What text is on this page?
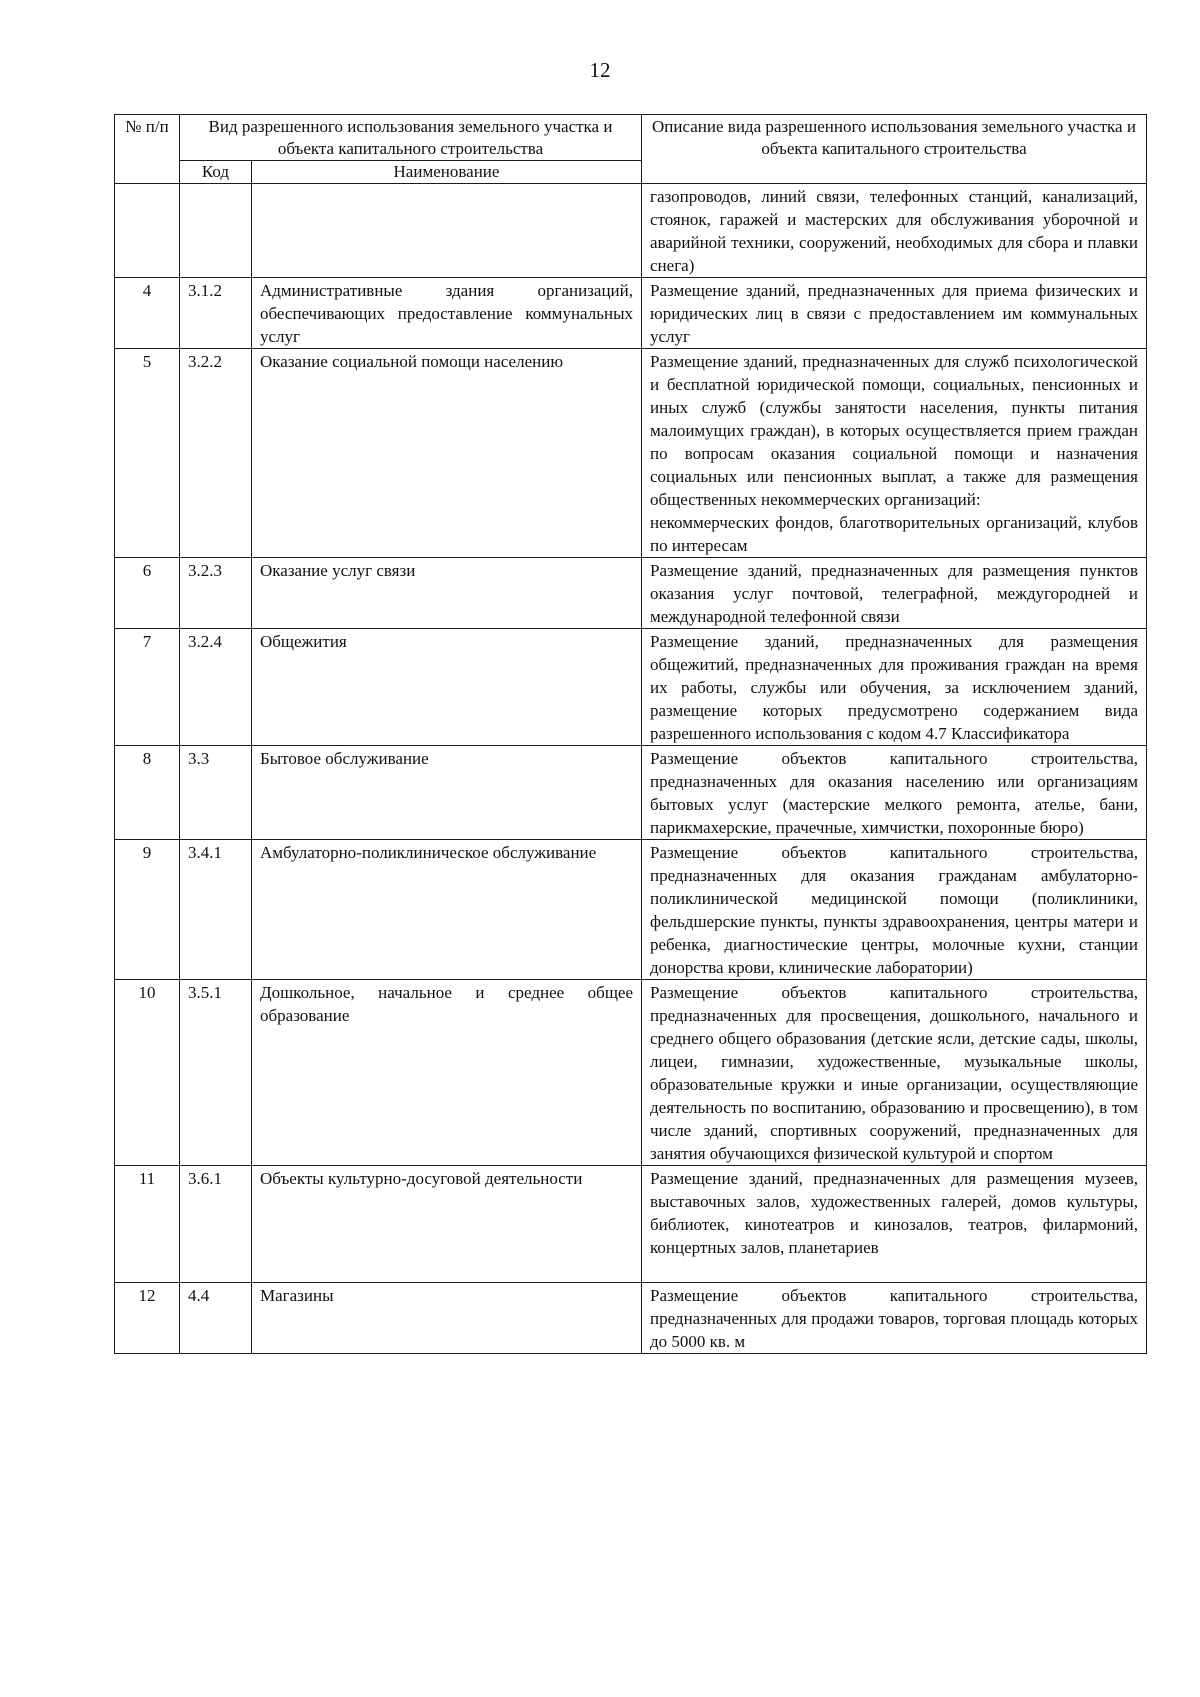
12
№ п/п	Вид разрешенного использования земельного участка и объекта капитального строительства		Описание вида разрешенного использования земельного участка и объекта капитального строительства
	Код	Наименование	
			газопроводов, линий связи, телефонных станций, канализаций, стоянок, гаражей и мастерских для обслуживания уборочной и аварийной техники, сооружений, необходимых для сбора и плавки снега)
4	3.1.2	Административные здания организаций, обеспечивающих предоставление коммунальных услуг	Размещение зданий, предназначенных для приема физических и юридических лиц в связи с предоставлением им коммунальных услуг
5	3.2.2	Оказание социальной помощи населению	Размещение зданий, предназначенных для служб психологической и бесплатной юридической помощи, социальных, пенсионных и иных служб (службы занятости населения, пункты питания малоимущих граждан), в которых осуществляется прием граждан по вопросам оказания социальной помощи и назначения социальных или пенсионных выплат, а также для размещения общественных некоммерческих организаций:
некоммерческих фондов, благотворительных организаций, клубов по интересам

6	3.2.3	Оказание услуг связи	Размещение зданий, предназначенных для размещения пунктов оказания услуг почтовой, телеграфной, междугородней и международной телефонной связи
7	3.2.4	Общежития	Размещение зданий, предназначенных для размещения общежитий, предназначенных для проживания граждан на время их работы, службы или обучения, за исключением зданий, размещение которых предусмотрено содержанием вида разрешенного использования с кодом 4.7 Классификатора
8	3.3	Бытовое обслуживание	Размещение объектов капитального строительства, предназначенных для оказания населению или организациям бытовых услуг (мастерские мелкого ремонта, ателье, бани, парикмахерские, прачечные, химчистки, похоронные бюро)
9	3.4.1	Амбулаторно-поликлиническое обслуживание	Размещение объектов капитального строительства, предназначенных для оказания гражданам амбулаторно-поликлинической медицинской помощи (поликлиники, фельдшерские пункты, пункты здравоохранения, центры матери и ребенка, диагностические центры, молочные кухни, станции донорства крови, клинические лаборатории)
10	3.5.1	Дошкольное, начальное и среднее общее образование	Размещение объектов капитального строительства, предназначенных для просвещения, дошкольного, начального и среднего общего образования (детские ясли, детские сады, школы, лицеи, гимназии, художественные, музыкальные школы, образовательные кружки и иные организации, осуществляющие деятельность по воспитанию, образованию и просвещению), в том числе зданий, спортивных сооружений, предназначенных для занятия обучающихся физической культурой и спортом
11	3.6.1	Объекты культурно-досуговой деятельности	Размещение зданий, предназначенных для размещения музеев, выставочных залов, художественных галерей, домов культуры, библиотек, кинотеатров и кинозалов, театров, филармоний, концертных залов, планетариев
12	4.4	Магазины	Размещение объектов капитального строительства, предназначенных для продажи товаров, торговая площадь которых до 5000 кв. м
